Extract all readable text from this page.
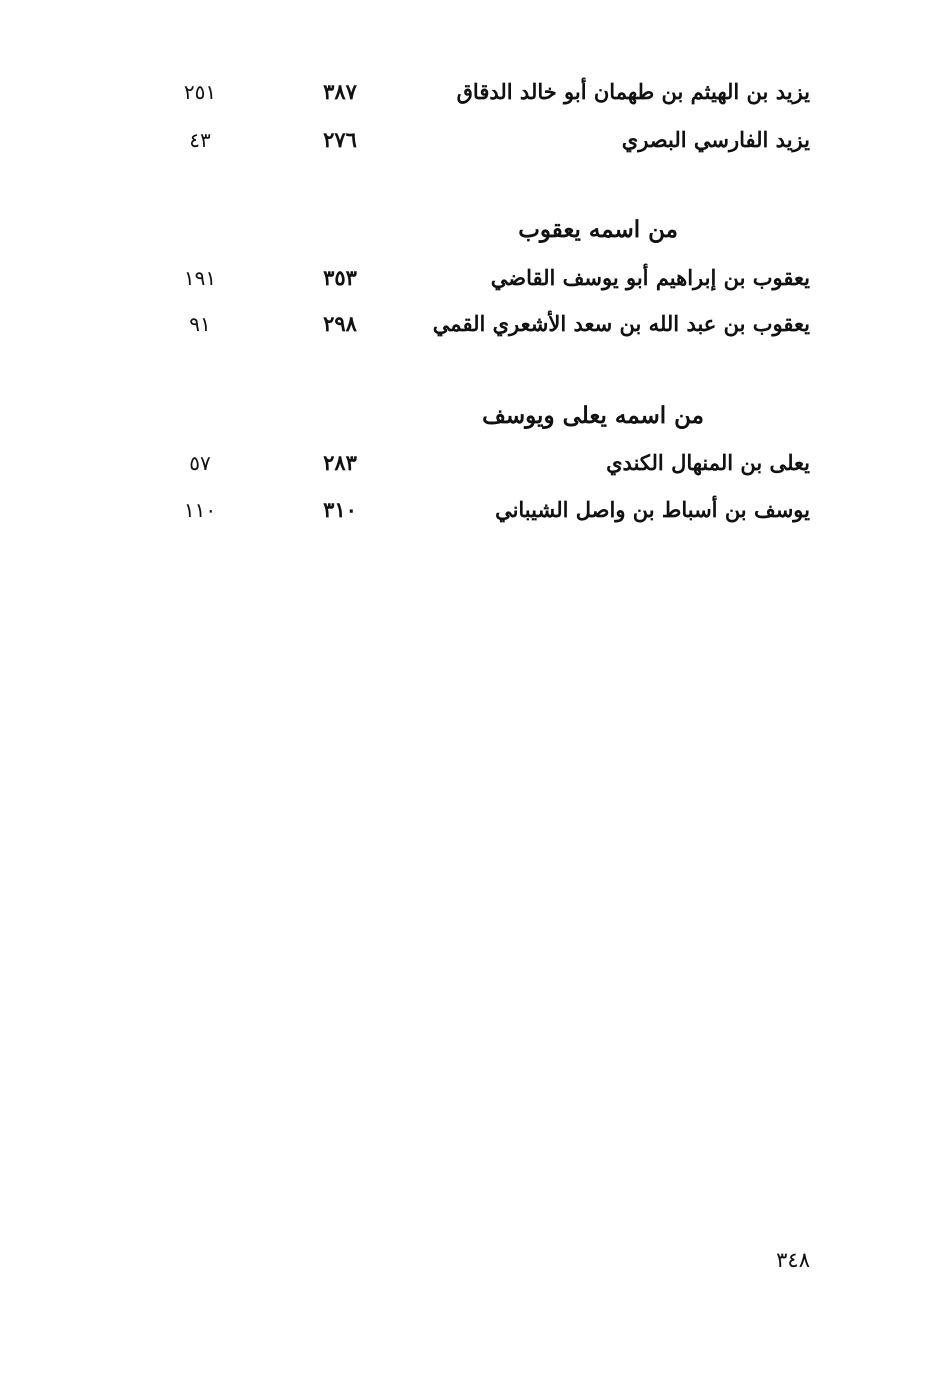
يزيد بن الهيثم بن طهمان أبو خالد الدقاق
٣٨٧
٢٥١
يزيد الفارسي البصري
٢٧٦
٤٣
من اسمه يعقوب
يعقوب بن إبراهيم أبو يوسف القاضي
٣٥٣
١٩١
يعقوب بن عبد الله بن سعد الأشعري القمي
٢٩٨
٩١
من اسمه يعلى ويوسف
يعلى بن المنهال الكندي
٢٨٣
٥٧
يوسف بن أسباط بن واصل الشيباني
٣١٠
١١٠
٣٤٨
